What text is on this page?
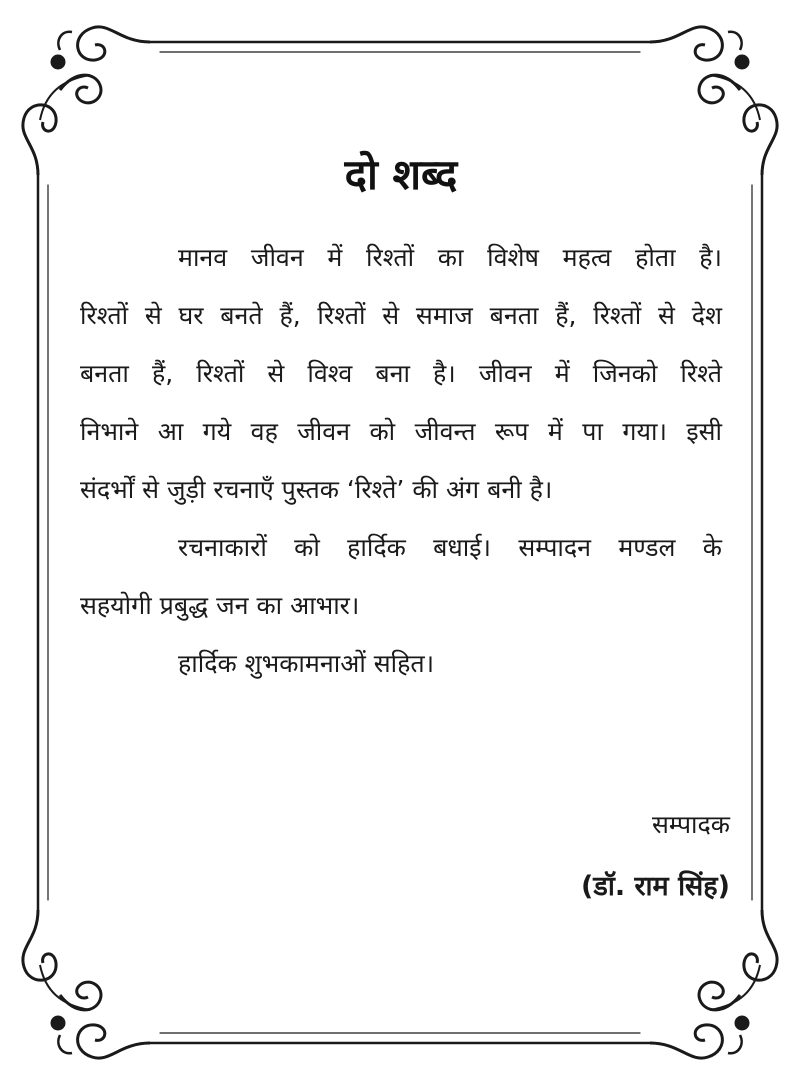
दो शब्द

मानव जीवन में रिश्तों का विशेष महत्व होता है।
रिश्तों से घर बनते हैं, रिश्तों से समाज बनता हैं, रिश्तों से देश
बनता हैं, रिश्तों से विश्व बना है। जीवन में जिनको रिश्ते
निभाने आ गये वह जीवन को जीवन्त रूप में पा गया। इसी
संदर्भों से जुड़ी रचनाएँ पुस्तक ‘रिश्ते’ की अंग बनी है।

रचनाकारों को हार्दिक बधाई। सम्पादन मण्डल के
सहयोगी प्रबुद्ध जन का आभार।

हार्दिक शुभकामनाओं सहित।

सम्पादक
(डॉ. राम सिंह)
